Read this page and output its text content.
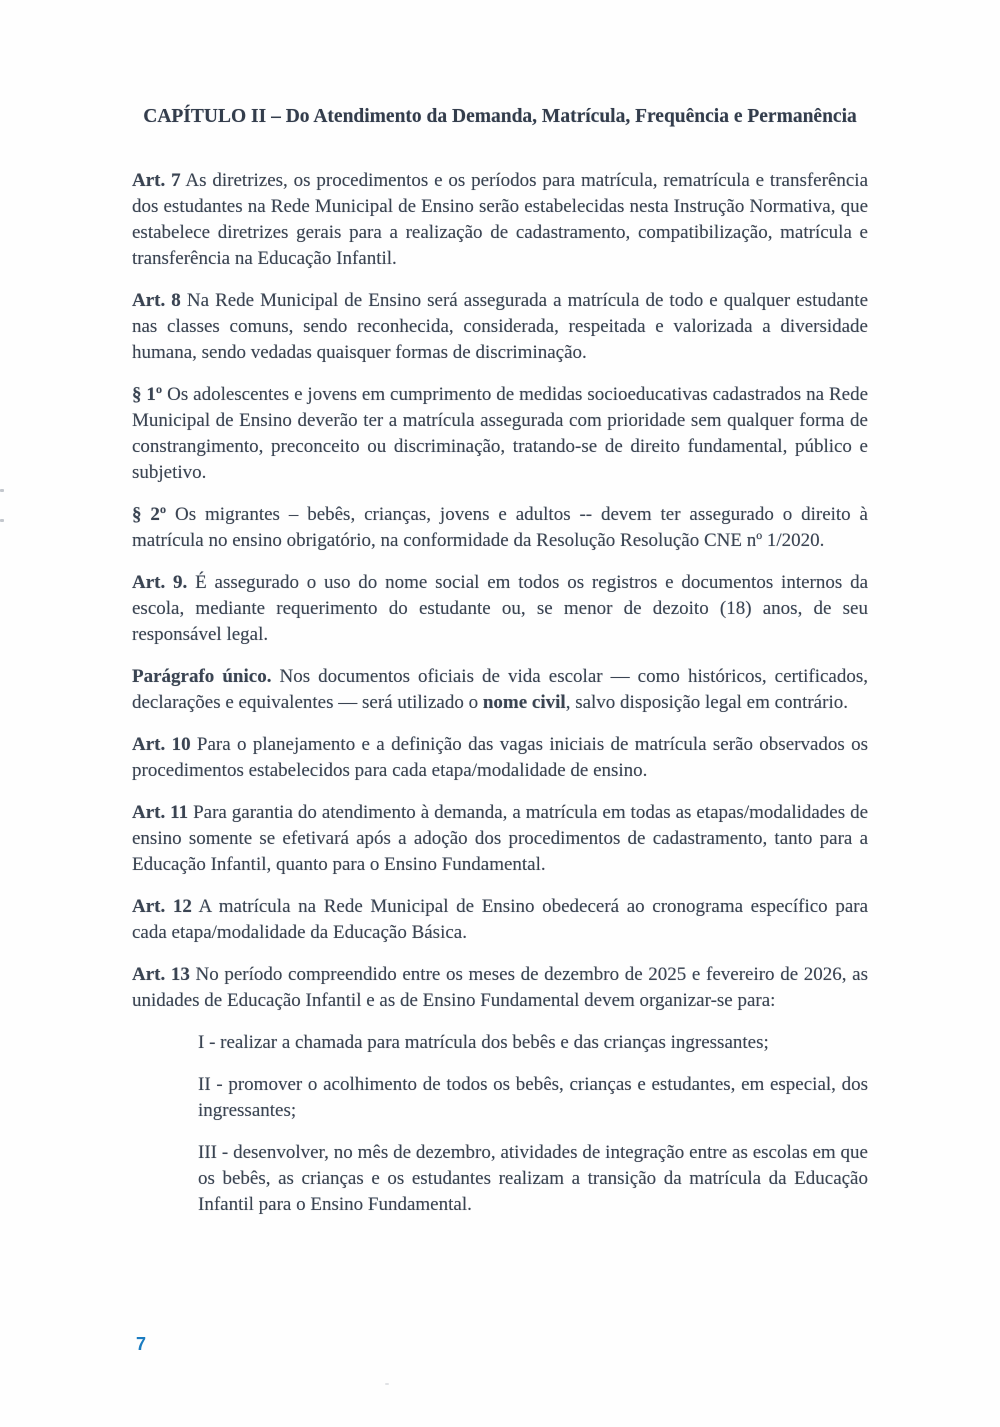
CAPÍTULO II – Do Atendimento da Demanda, Matrícula, Frequência e Permanência

Art. 7 As diretrizes, os procedimentos e os períodos para matrícula, rematrícula e transferência dos estudantes na Rede Municipal de Ensino serão estabelecidas nesta Instrução Normativa, que estabelece diretrizes gerais para a realização de cadastramento, compatibilização, matrícula e transferência na Educação Infantil.

Art. 8 Na Rede Municipal de Ensino será assegurada a matrícula de todo e qualquer estudante nas classes comuns, sendo reconhecida, considerada, respeitada e valorizada a diversidade humana, sendo vedadas quaisquer formas de discriminação.

§ 1º Os adolescentes e jovens em cumprimento de medidas socioeducativas cadastrados na Rede Municipal de Ensino deverão ter a matrícula assegurada com prioridade sem qualquer forma de constrangimento, preconceito ou discriminação, tratando-se de direito fundamental, público e subjetivo.

§ 2º Os migrantes – bebês, crianças, jovens e adultos -- devem ter assegurado o direito à matrícula no ensino obrigatório, na conformidade da Resolução Resolução CNE nº 1/2020.

Art. 9. É assegurado o uso do nome social em todos os registros e documentos internos da escola, mediante requerimento do estudante ou, se menor de dezoito (18) anos, de seu responsável legal.

Parágrafo único. Nos documentos oficiais de vida escolar — como históricos, certificados, declarações e equivalentes — será utilizado o nome civil, salvo disposição legal em contrário.

Art. 10 Para o planejamento e a definição das vagas iniciais de matrícula serão observados os procedimentos estabelecidos para cada etapa/modalidade de ensino.

Art. 11 Para garantia do atendimento à demanda, a matrícula em todas as etapas/modalidades de ensino somente se efetivará após a adoção dos procedimentos de cadastramento, tanto para a Educação Infantil, quanto para o Ensino Fundamental.

Art. 12 A matrícula na Rede Municipal de Ensino obedecerá ao cronograma específico para cada etapa/modalidade da Educação Básica.

Art. 13 No período compreendido entre os meses de dezembro de 2025 e fevereiro de 2026, as unidades de Educação Infantil e as de Ensino Fundamental devem organizar-se para:

I - realizar a chamada para matrícula dos bebês e das crianças ingressantes;

II - promover o acolhimento de todos os bebês, crianças e estudantes, em especial, dos ingressantes;

III - desenvolver, no mês de dezembro, atividades de integração entre as escolas em que os bebês, as crianças e os estudantes realizam a transição da matrícula da Educação Infantil para o Ensino Fundamental.

7
